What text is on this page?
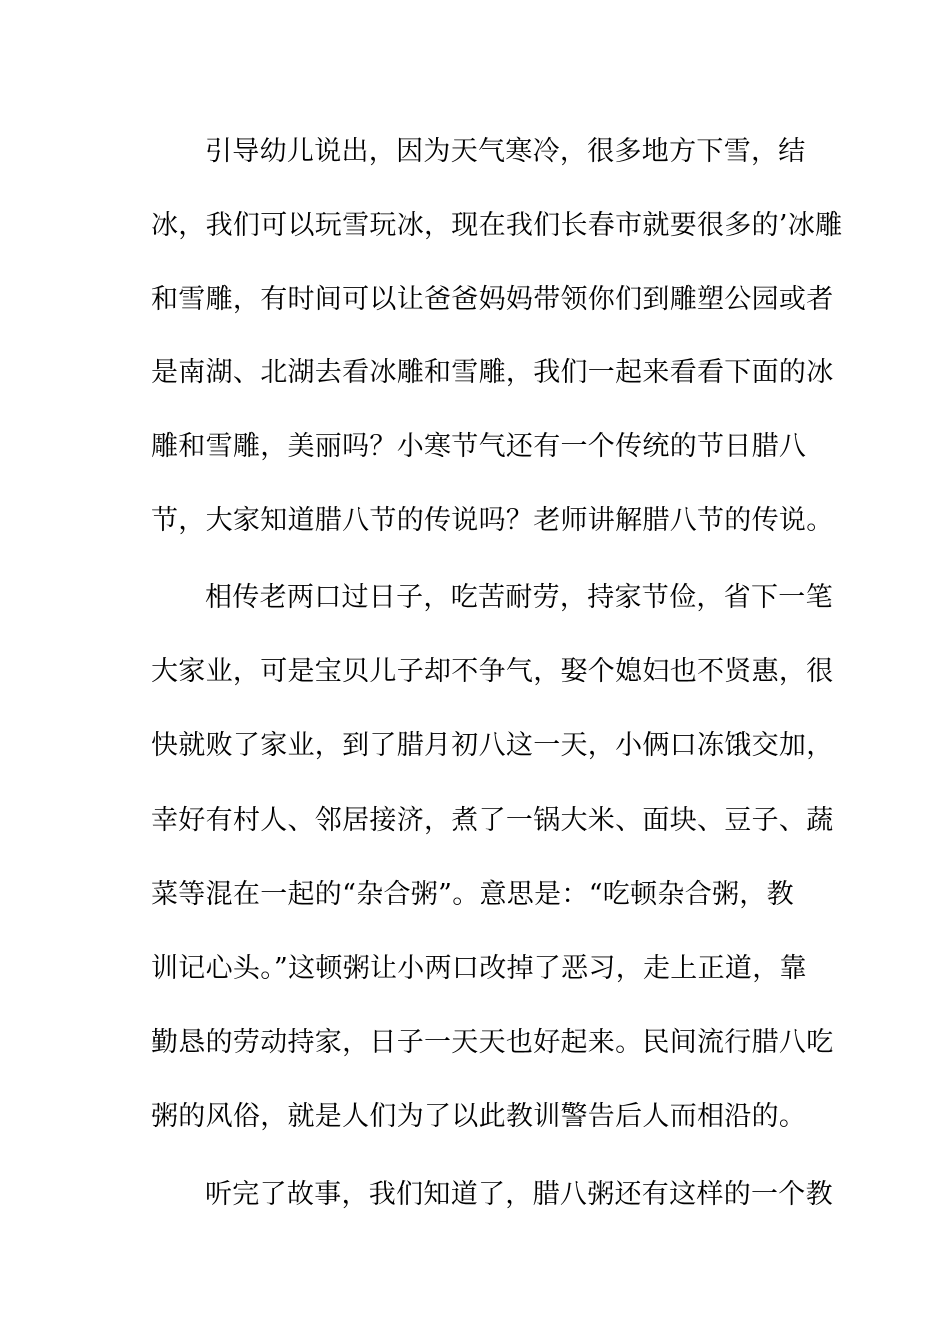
引导幼儿说出，因为天气寒冷，很多地方下雪，结
冰，我们可以玩雪玩冰，现在我们长春市就要很多的’冰雕
和雪雕，有时间可以让爸爸妈妈带领你们到雕塑公园或者
是南湖、北湖去看冰雕和雪雕，我们一起来看看下面的冰
雕和雪雕，美丽吗？小寒节气还有一个传统的节日腊八
节，大家知道腊八节的传说吗？老师讲解腊八节的传说。
相传老两口过日子，吃苦耐劳，持家节俭，省下一笔
大家业，可是宝贝儿子却不争气，娶个媳妇也不贤惠，很
快就败了家业，到了腊月初八这一天，小俩口冻饿交加，
幸好有村人、邻居接济，煮了一锅大米、面块、豆子、蔬
菜等混在一起的“杂合粥”。意思是：“吃顿杂合粥，教
训记心头。”这顿粥让小两口改掉了恶习，走上正道，靠
勤恳的劳动持家，日子一天天也好起来。民间流行腊八吃
粥的风俗，就是人们为了以此教训警告后人而相沿的。
听完了故事，我们知道了，腊八粥还有这样的一个教
